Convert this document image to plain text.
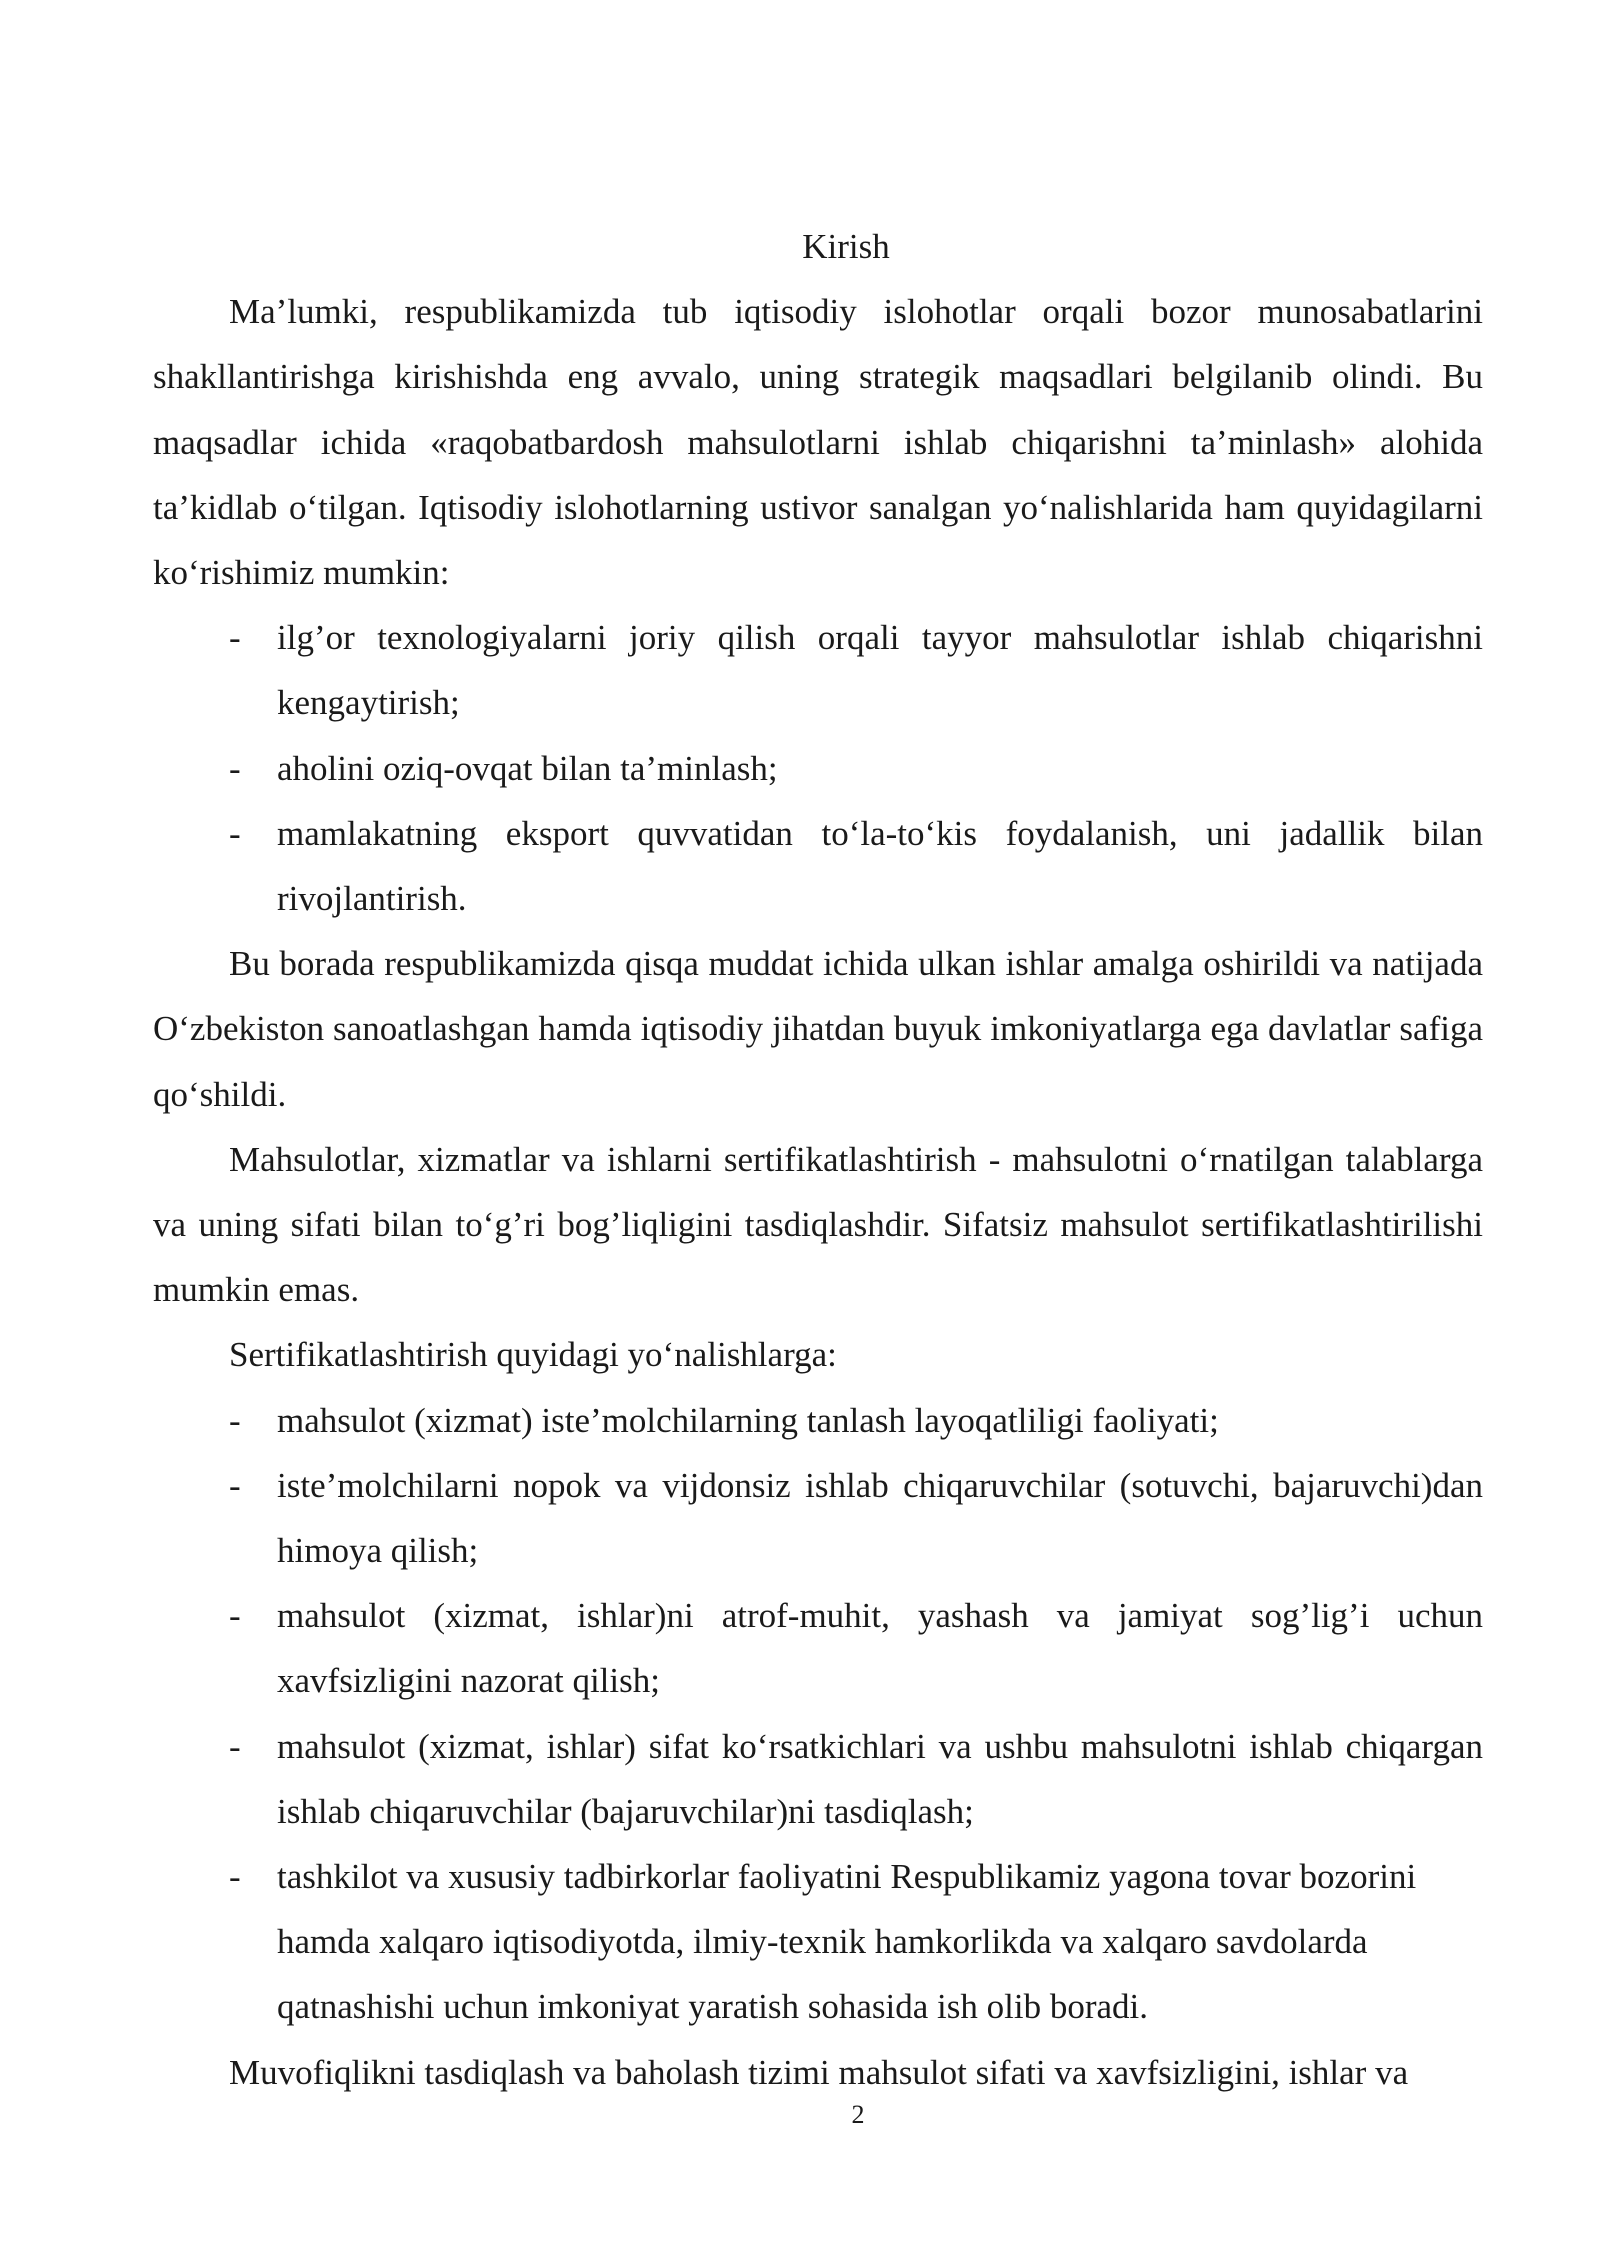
Kirish

Ma’lumki, respublikamizda tub iqtisodiy islohotlar orqali bozor munosabatlarini shakllantirishga kirishishda eng avvalo, uning strategik maqsadlari belgilanib olindi. Bu maqsadlar ichida «raqobatbardosh mahsulotlarni ishlab chiqarishni ta’minlash» alohida ta’kidlab o‘tilgan. Iqtisodiy islohotlarning ustivor sanalgan yo‘nalishlarida ham quyidagilarni ko‘rishimiz mumkin:

- ilg’or texnologiyalarni joriy qilish orqali tayyor mahsulotlar ishlab chiqarishni kengaytirish;
- aholini oziq-ovqat bilan ta’minlash;
- mamlakatning eksport quvvatidan to‘la-to‘kis foydalanish, uni jadallik bilan rivojlantirish.

Bu borada respublikamizda qisqa muddat ichida ulkan ishlar amalga oshirildi va natijada O‘zbekiston sanoatlashgan hamda iqtisodiy jihatdan buyuk imkoniyatlarga ega davlatlar safiga qo‘shildi.

Mahsulotlar, xizmatlar va ishlarni sertifikatlashtirish - mahsulotni o‘rnatilgan talablarga va uning sifati bilan to‘g’ri bog’liqligini tasdiqlashdir. Sifatsiz mahsulot sertifikatlashtirilishi mumkin emas.

Sertifikatlashtirish quyidagi yo‘nalishlarga:

- mahsulot (xizmat) iste’molchilarning tanlash layoqatliligi faoliyati;
- iste’molchilarni nopok va vijdonsiz ishlab chiqaruvchilar (sotuvchi, bajaruvchi)dan himoya qilish;
- mahsulot (xizmat, ishlar)ni atrof-muhit, yashash va jamiyat sog’lig’i uchun xavfsizligini nazorat qilish;
- mahsulot (xizmat, ishlar) sifat ko‘rsatkichlari va ushbu mahsulotni ishlab chiqargan ishlab chiqaruvchilar (bajaruvchilar)ni tasdiqlash;
- tashkilot va xususiy tadbirkorlar faoliyatini Respublikamiz yagona tovar bozorini hamda xalqaro iqtisodiyotda, ilmiy-texnik hamkorlikda va xalqaro savdolarda qatnashishi uchun imkoniyat yaratish sohasida ish olib boradi.

Muvofiqlikni tasdiqlash va baholash tizimi mahsulot sifati va xavfsizligini, ishlar va

2
